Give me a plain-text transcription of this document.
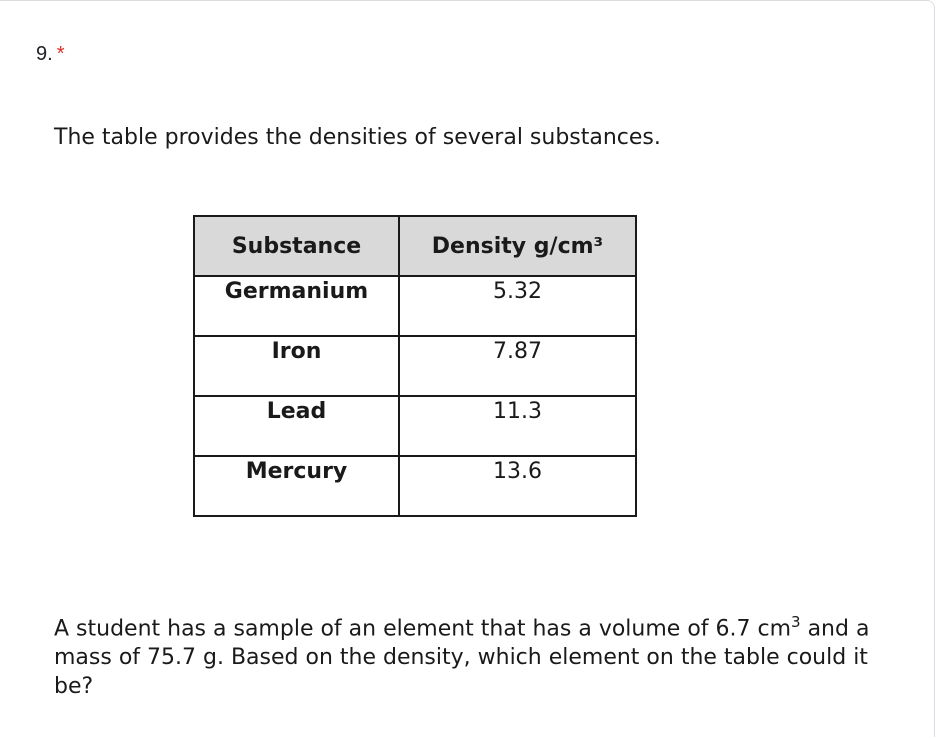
9. *
The table provides the densities of several substances.
Substance	Density g/cm³
Germanium	5.32
Iron	7.87
Lead	11.3
Mercury	13.6
A student has a sample of an element that has a volume of 6.7 $cm^3$ and a mass of 75.7 g. Based on the density, which element on the table could it be?
